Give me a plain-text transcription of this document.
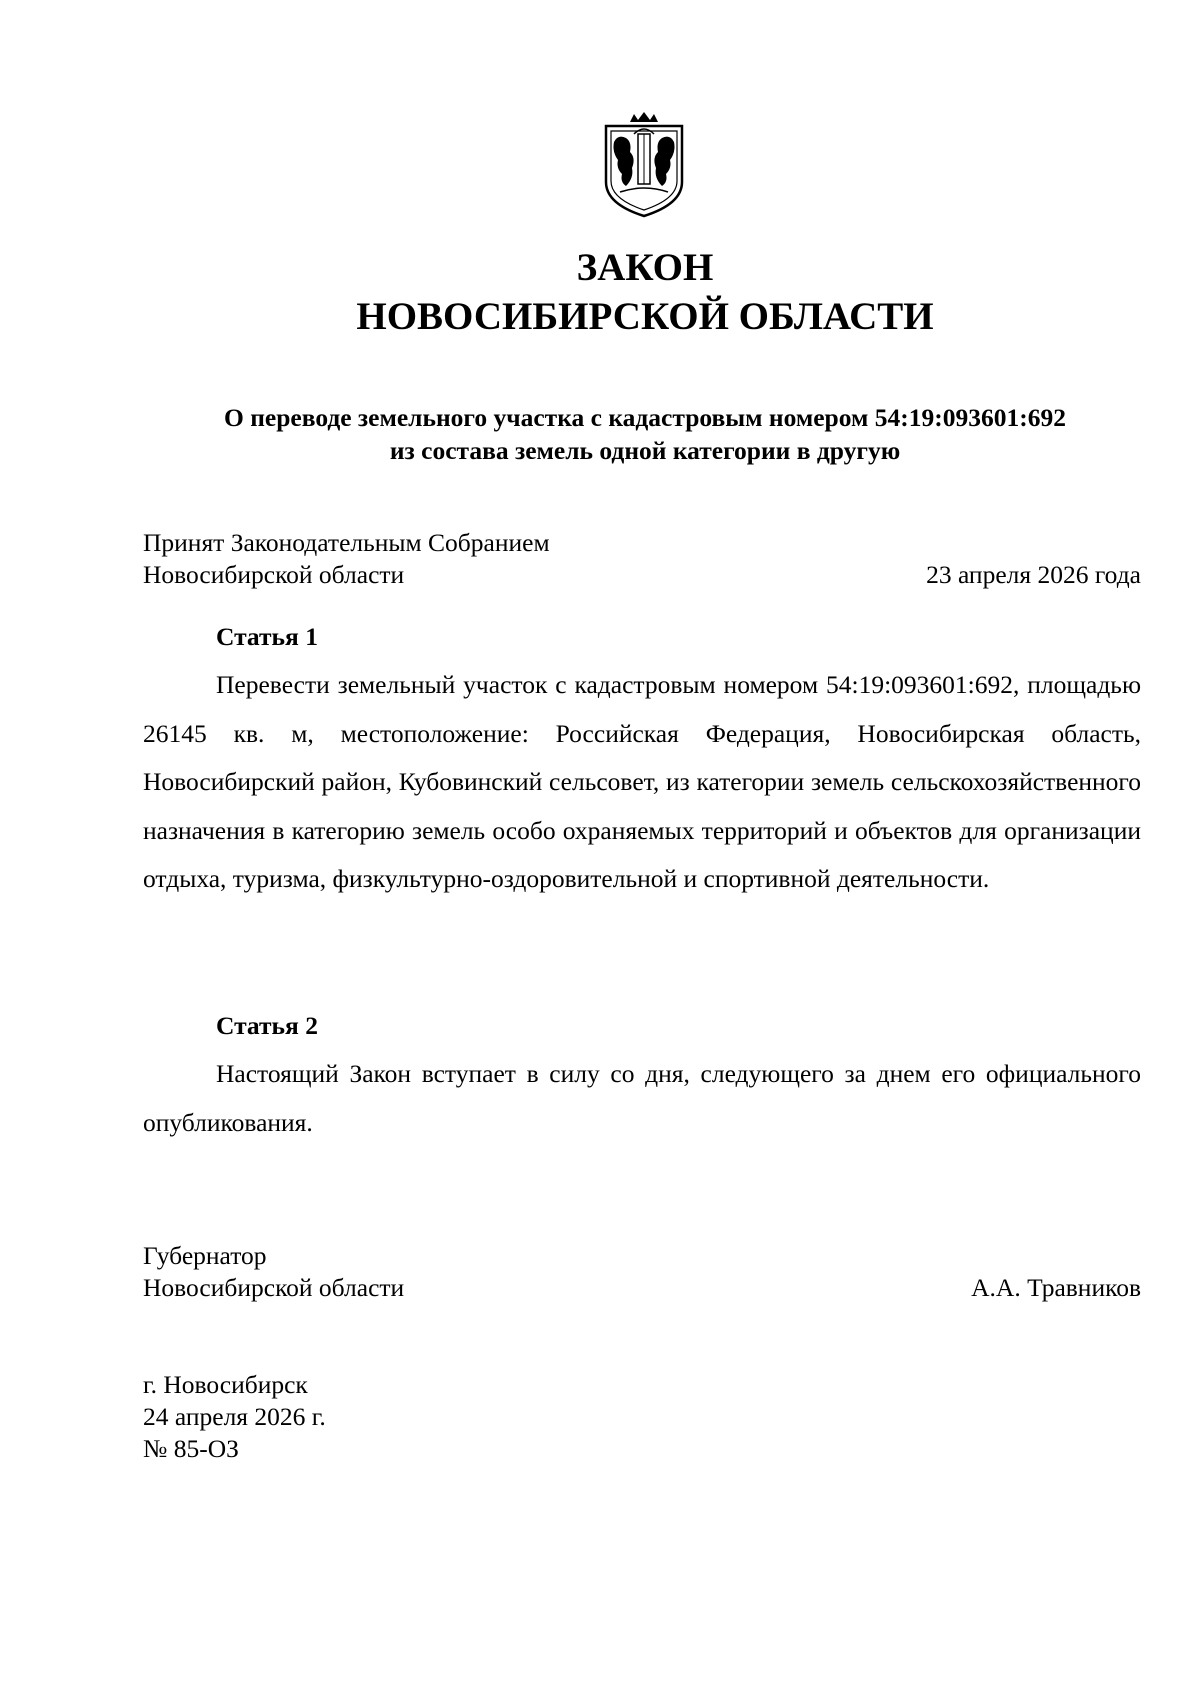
ЗАКОН
НОВОСИБИРСКОЙ ОБЛАСТИ
О переводе земельного участка с кадастровым номером 54:19:093601:692
из состава земель одной категории в другую
Принят Законодательным Собранием
Новосибирской области	23 апреля 2026 года
Статья 1

Перевести земельный участок с кадастровым номером 54:19:093601:692, площадью 26145 кв. м, местоположение: Российская Федерация, Новосибирская область, Новосибирский район, Кубовинский сельсовет, из категории земель сельскохозяйственного назначения в категорию земель особо охраняемых территорий и объектов для организации отдыха, туризма, физкультурно-оздоровительной и спортивной деятельности.

Статья 2

Настоящий Закон вступает в силу со дня, следующего за днем его официального опубликования.

Губернатор
Новосибирской области	А.А. Травников
г. Новосибирск
24 апреля 2026 г.
№ 85-ОЗ
